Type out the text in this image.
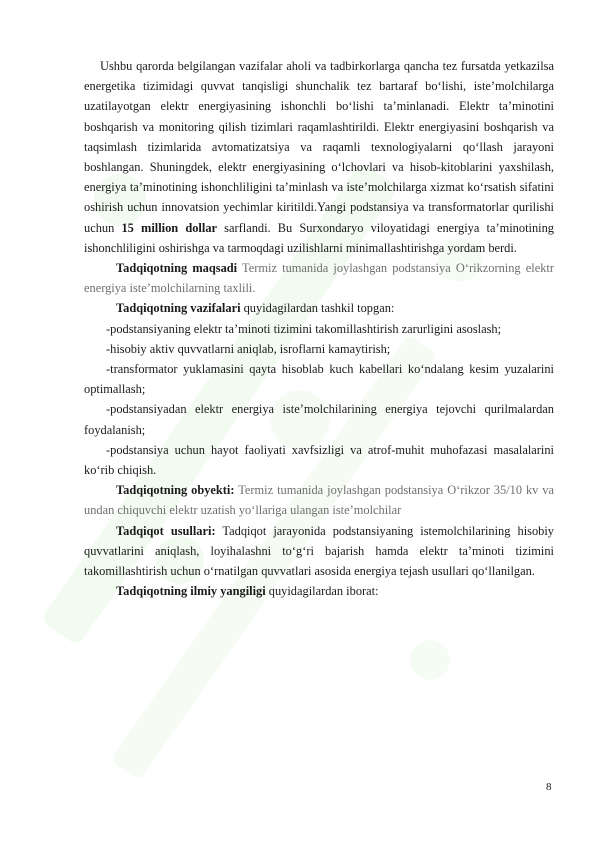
Ushbu qarorda belgilangan vazifalar aholi va tadbirkorlarga qancha tez fursatda yetkazilsa energetika tizimidagi quvvat tanqisligi shunchalik tez bartaraf bo‘lishi, iste’molchilarga uzatilayotgan elektr energiyasining ishonchli bo‘lishi ta’minlanadi. Elektr ta’minotini boshqarish va monitoring qilish tizimlari raqamlashtirildi. Elektr energiyasini boshqarish va taqsimlash tizimlarida avtomatizatsiya va raqamli texnologiyalarni qo‘llash jarayoni boshlangan. Shuningdek, elektr energiyasining o‘lchovlari va hisob-kitoblarini yaxshilash, energiya ta’minotining ishonchliligini ta’minlash va iste’molchilarga xizmat ko‘rsatish sifatini oshirish uchun innovatsion yechimlar kiritildi.Yangi podstansiya va transformatorlar qurilishi uchun 15 million dollar sarflandi. Bu Surxondaryo viloyatidagi energiya ta’minotining ishonchliligini oshirishga va tarmoqdagi uzilishlarni minimallashtirishga yordam berdi.

Tadqiqotning maqsadi Termiz tumanida joylashgan podstansiya O‘rikzorning elektr energiya iste’molchilarning taxlili.

Tadqiqotning vazifalari quyidagilardan tashkil topgan:

-podstansiyaning elektr ta’minoti tizimini takomillashtirish zarurligini asoslash;

-hisobiy aktiv quvvatlarni aniqlab, isroflarni kamaytirish;

-transformator yuklamasini qayta hisoblab kuch kabellari ko‘ndalang kesim yuzalarini optimallash;

-podstansiyadan elektr energiya iste’molchilarining energiya tejovchi qurilmalardan foydalanish;

-podstansiya uchun hayot faoliyati xavfsizligi va atrof-muhit muhofazasi masalalarini ko‘rib chiqish.

Tadqiqotning obyekti: Termiz tumanida joylashgan podstansiya O‘rikzor 35/10 kv va undan chiquvchi elektr uzatish yo‘llariga ulangan iste’molchilar

Tadqiqot usullari: Tadqiqot jarayonida podstansiyaning istemolchilarining hisobiy quvvatlarini aniqlash, loyihalashni to‘g‘ri bajarish hamda elektr ta’minoti tizimini takomillashtirish uchun o‘rnatilgan quvvatlari asosida energiya tejash usullari qo‘llanilgan.

Tadqiqotning ilmiy yangiligi quyidagilardan iborat:

8
